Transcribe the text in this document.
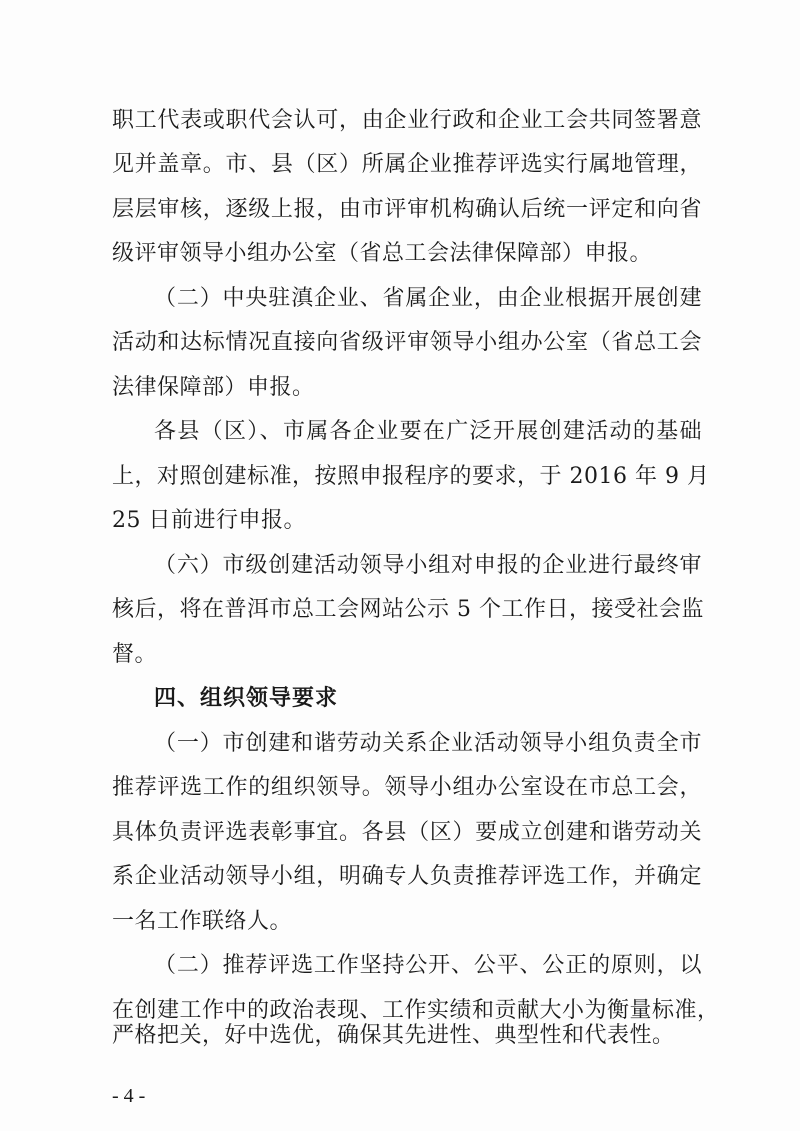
职工代表或职代会认可，由企业行政和企业工会共同签署意
见并盖章。市、县（区）所属企业推荐评选实行属地管理，
层层审核，逐级上报，由市评审机构确认后统一评定和向省
级评审领导小组办公室（省总工会法律保障部）申报。
（二）中央驻滇企业、省属企业，由企业根据开展创建
活动和达标情况直接向省级评审领导小组办公室（省总工会
法律保障部）申报。
各县（区）、市属各企业要在广泛开展创建活动的基础
上，对照创建标准，按照申报程序的要求，于 2016 年 9 月
25 日前进行申报。
（六）市级创建活动领导小组对申报的企业进行最终审
核后，将在普洱市总工会网站公示 5 个工作日，接受社会监
督。
四、组织领导要求
（一）市创建和谐劳动关系企业活动领导小组负责全市
推荐评选工作的组织领导。领导小组办公室设在市总工会，
具体负责评选表彰事宜。各县（区）要成立创建和谐劳动关
系企业活动领导小组，明确专人负责推荐评选工作，并确定
一名工作联络人。
（二）推荐评选工作坚持公开、公平、公正的原则，以
在创建工作中的政治表现、工作实绩和贡献大小为衡量标准，
- 4 -
严格把关，好中选优，确保其先进性、典型性和代表性。
